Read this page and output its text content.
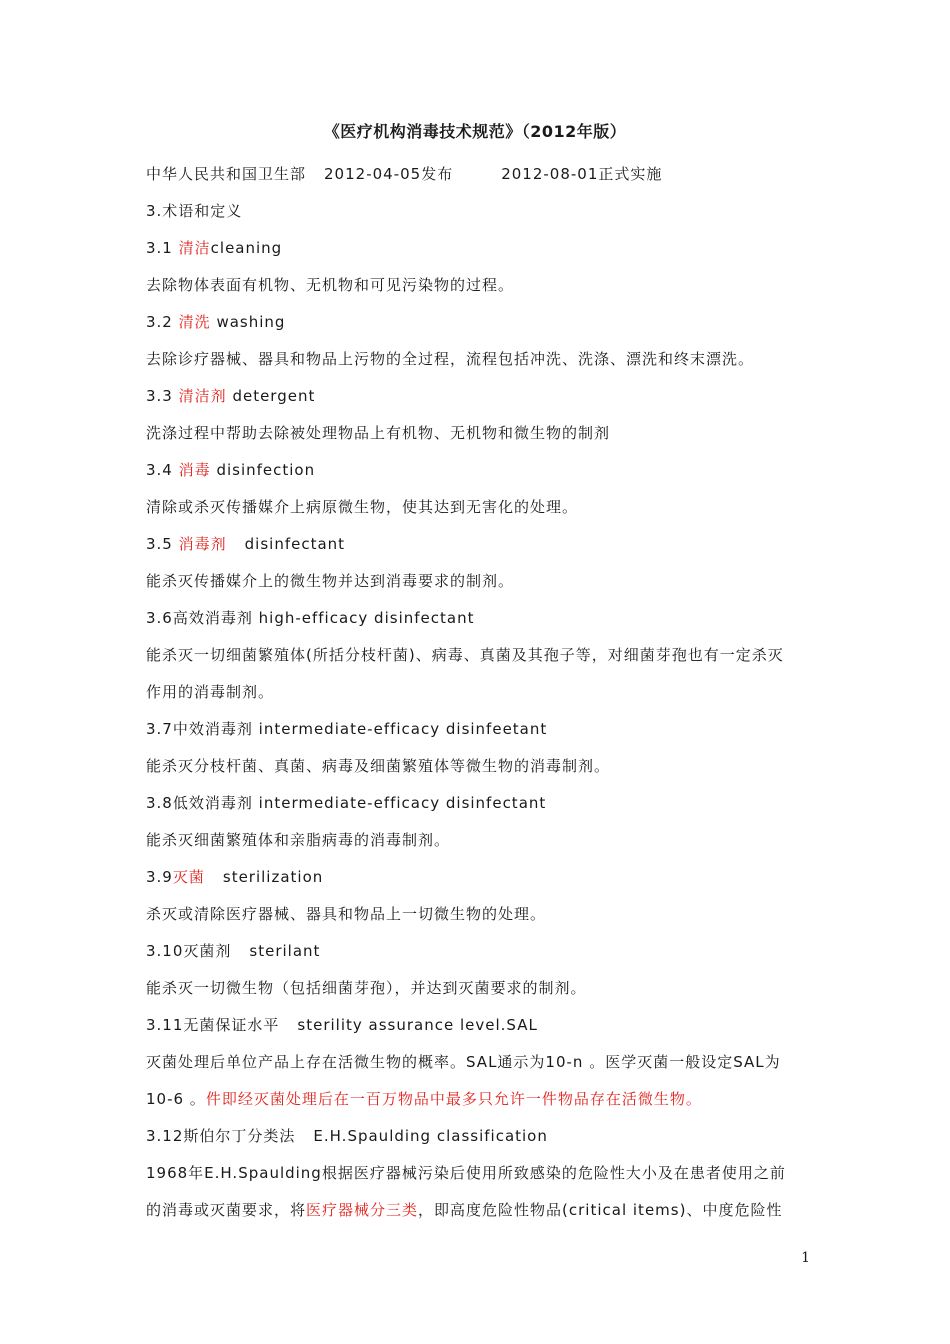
《医疗机构消毒技术规范》（2012年版）
中华人民共和国卫生部 2012-04-05发布	2012-08-01正式实施
3.术语和定义
3.1 清洁cleaning
去除物体表面有机物、无机物和可见污染物的过程。
3.2 清洗 washing
去除诊疗器械、器具和物品上污物的全过程，流程包括冲洗、洗涤、漂洗和终末漂洗。
3.3 清洁剂 detergent
洗涤过程中帮助去除被处理物品上有机物、无机物和微生物的制剂
3.4 消毒 disinfection
清除或杀灭传播媒介上病原微生物，使其达到无害化的处理。
3.5 消毒剂 disinfectant
能杀灭传播媒介上的微生物并达到消毒要求的制剂。
3.6高效消毒剂 high-efficacy disinfectant
能杀灭一切细菌繁殖体(所括分枝杆菌)、病毒、真菌及其孢子等，对细菌芽孢也有一定杀灭
作用的消毒制剂。
3.7中效消毒剂 intermediate-efficacy disinfeetant
能杀灭分枝杆菌、真菌、病毒及细菌繁殖体等微生物的消毒制剂。
3.8低效消毒剂 intermediate-efficacy disinfectant
能杀灭细菌繁殖体和亲脂病毒的消毒制剂。
3.9灭菌 sterilization
杀灭或清除医疗器械、器具和物品上一切微生物的处理。
3.10灭菌剂 sterilant
能杀灭一切微生物（包括细菌芽孢），并达到灭菌要求的制剂。
3.11无菌保证水平 sterility assurance level.SAL
灭菌处理后单位产品上存在活微生物的概率。SAL通示为10-n 。医学灭菌一般设定SAL为
10-6 。件即经灭菌处理后在一百万物品中最多只允许一件物品存在活微生物。
3.12斯伯尔丁分类法 E.H.Spaulding classification
1968年E.H.Spaulding根据医疗器械污染后使用所致感染的危险性大小及在患者使用之前
的消毒或灭菌要求，将医疗器械分三类，即高度危险性物品(critical items)、中度危险性
1
